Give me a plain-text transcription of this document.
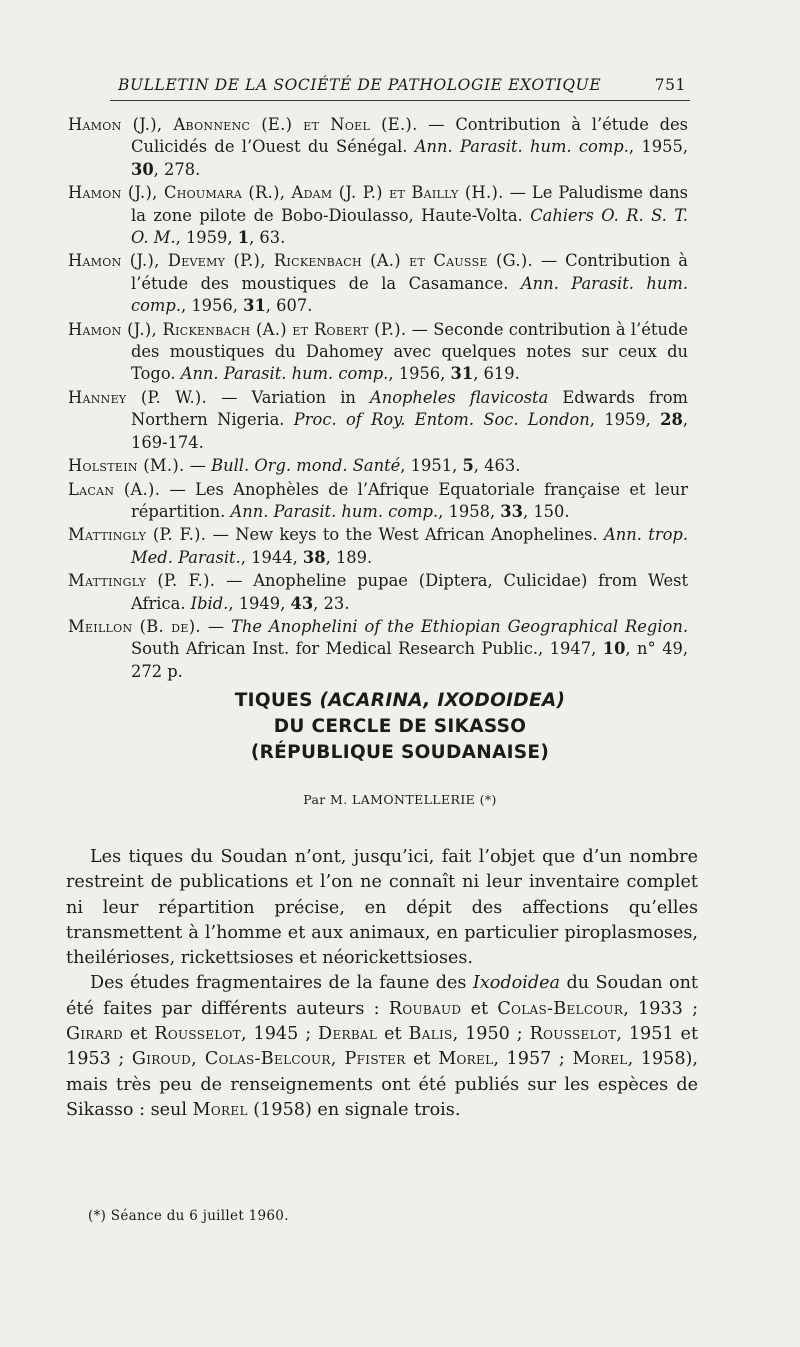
BULLETIN DE LA SOCIÉTÉ DE PATHOLOGIE EXOTIQUE	751

Hamon (J.), Abonnenc (E.) et Noel (E.). — Contribution à l’étude des Culicidés de l’Ouest du Sénégal. Ann. Parasit. hum. comp., 1955, 30, 278.

Hamon (J.), Choumara (R.), Adam (J. P.) et Bailly (H.). — Le Paludisme dans la zone pilote de Bobo-Dioulasso, Haute-Volta. Cahiers O. R. S. T. O. M., 1959, 1, 63.

Hamon (J.), Devemy (P.), Rickenbach (A.) et Causse (G.). — Contribution à l’étude des moustiques de la Casamance. Ann. Parasit. hum. comp., 1956, 31, 607.

Hamon (J.), Rickenbach (A.) et Robert (P.). — Seconde contribution à l’étude des moustiques du Dahomey avec quelques notes sur ceux du Togo. Ann. Parasit. hum. comp., 1956, 31, 619.

Hanney (P. W.). — Variation in Anopheles flavicosta Edwards from Northern Nigeria. Proc. of Roy. Entom. Soc. London, 1959, 28, 169-174.

Holstein (M.). — Bull. Org. mond. Santé, 1951, 5, 463.

Lacan (A.). — Les Anophèles de l’Afrique Equatoriale française et leur répartition. Ann. Parasit. hum. comp., 1958, 33, 150.

Mattingly (P. F.). — New keys to the West African Anophelines. Ann. trop. Med. Parasit., 1944, 38, 189.

Mattingly (P. F.). — Anopheline pupae (Diptera, Culicidae) from West Africa. Ibid., 1949, 43, 23.

Meillon (B. de). — The Anophelini of the Ethiopian Geographical Region. South African Inst. for Medical Research Public., 1947, 10, n° 49, 272 p.

TIQUES (ACARINA, IXODOIDEA)
DU CERCLE DE SIKASSO
(RÉPUBLIQUE SOUDANAISE)
Par M. LAMONTELLERIE (*)

Les tiques du Soudan n’ont, jusqu’ici, fait l’objet que d’un nombre restreint de publications et l’on ne connaît ni leur inventaire complet ni leur répartition précise, en dépit des affections qu’elles transmettent à l’homme et aux animaux, en particulier piroplasmoses, theilérioses, rickettsioses et néorickettsioses.

Des études fragmentaires de la faune des Ixodoidea du Soudan ont été faites par différents auteurs : Roubaud et Colas-Belcour, 1933 ; Girard et Rousselot, 1945 ; Derbal et Balis, 1950 ; Rousselot, 1951 et 1953 ; Giroud, Colas-Belcour, Pfister et Morel, 1957 ; Morel, 1958), mais très peu de renseignements ont été publiés sur les espèces de Sikasso : seul Morel (1958) en signale trois.

(*) Séance du 6 juillet 1960.
